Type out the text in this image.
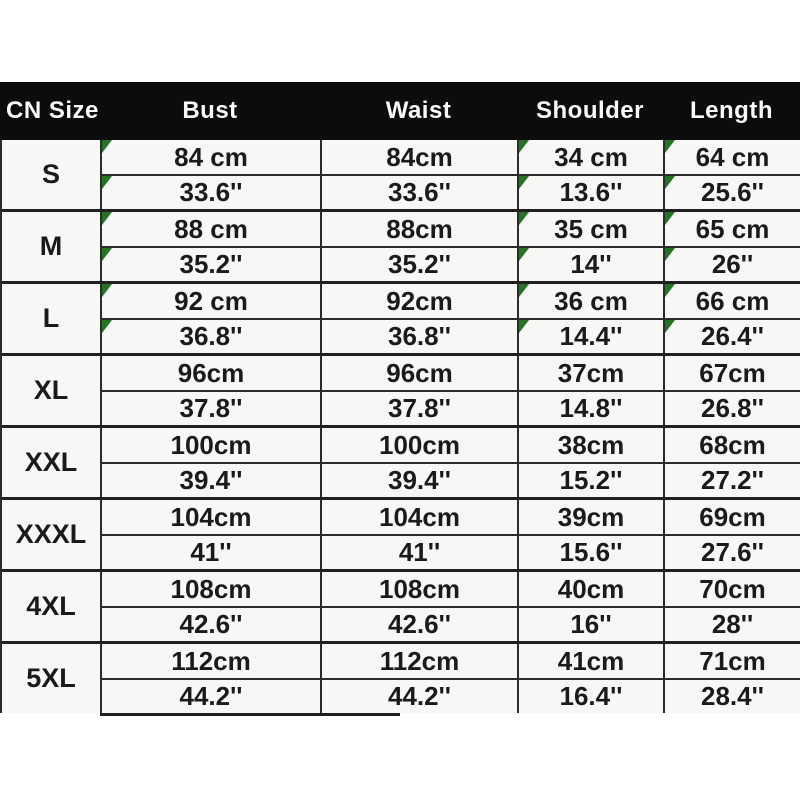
CN Size	Bust	Waist	Shoulder	Length
S
84 cm	84cm	34 cm	64 cm
33.6''	33.6''	13.6''	25.6''
M
88 cm	88cm	35 cm	65 cm
35.2''	35.2''	14''	26''
L
92 cm	92cm	36 cm	66 cm
36.8''	36.8''	14.4''	26.4''
XL
96cm	96cm	37cm	67cm
37.8''	37.8''	14.8''	26.8''
XXL
100cm	100cm	38cm	68cm
39.4''	39.4''	15.2''	27.2''
XXXL
104cm	104cm	39cm	69cm
41''	41''	15.6''	27.6''
4XL
108cm	108cm	40cm	70cm
42.6''	42.6''	16''	28''
5XL
112cm	112cm	41cm	71cm
44.2''	44.2''	16.4''	28.4''
